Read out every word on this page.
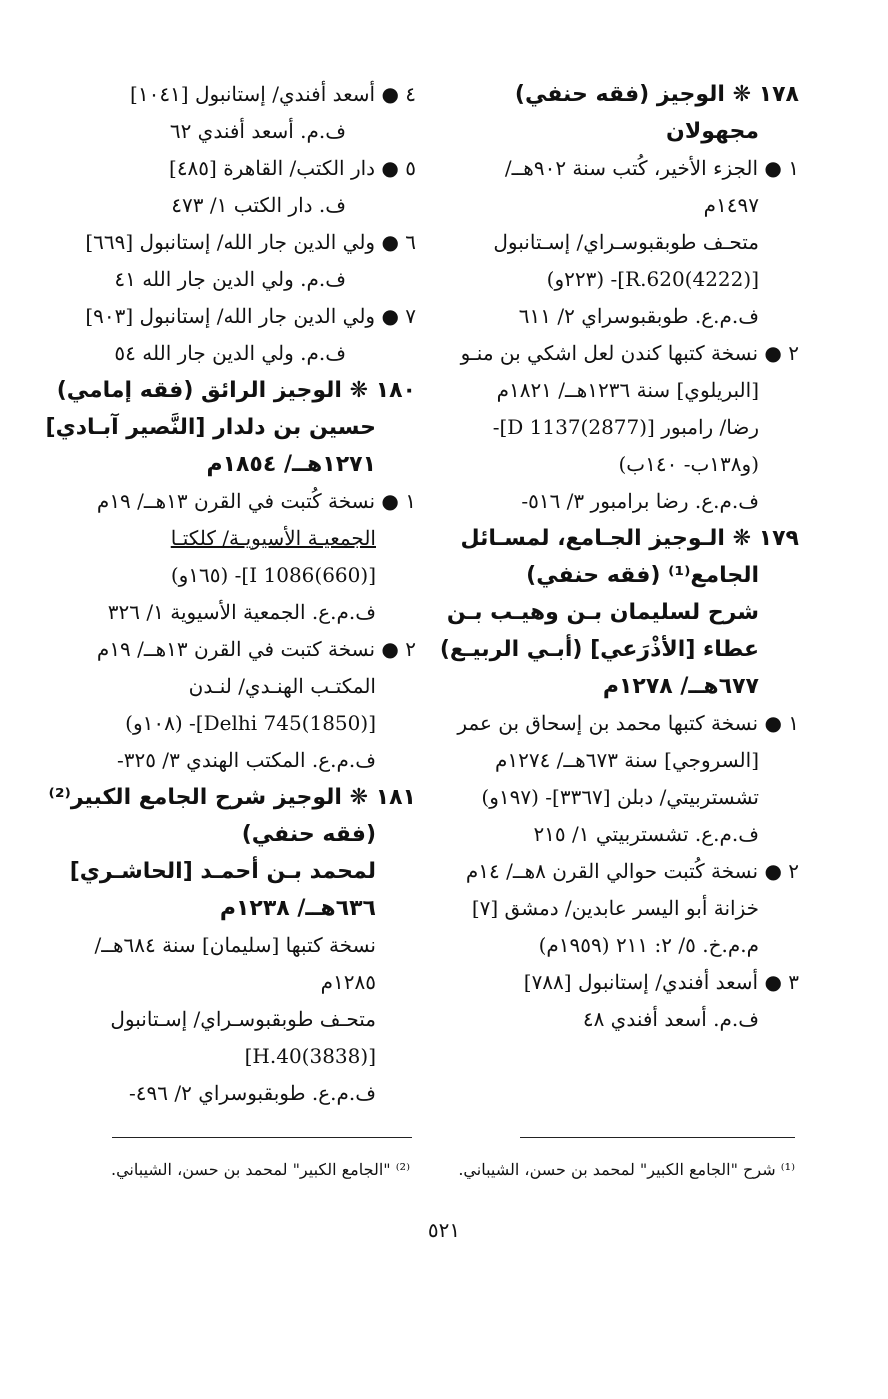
١٧٨ ❋ الوجيز (فقه حنفي)
مجهولان
١ ● الجزء الأخير، كُتب سنة ٩٠٢هــ/
١٤٩٧م
متحـف طوبقبوسـراي/ إسـتانبول
[R.620(4222)]- (٢٢٣و)
ف.م.ع. طوبقبوسراي ٢/ ٦١١
٢ ● نسخة كتبها كندن لعل اشكي بن منـو
[البريلوي] سنة ١٢٣٦هــ/ ١٨٢١م
رضا/ رامبور [D 1137(2877)]-
(و١٣٨ب- ١٤٠ب)
ف.م.ع. رضا برامبور ٣/ ٥١٦-
١٧٩ ❋ الـوجيز الجـامع، لمسـائل
الجامع⁽¹⁾ (فقه حنفي)
شرح لسليمان بـن وهيـب بـن
عطاء [الأذْرَعي] (أبـي الربيـع)
٦٧٧هــ/ ١٢٧٨م
١ ● نسخة كتبها محمد بن إسحاق بن عمر
[السروجي] سنة ٦٧٣هــ/ ١٢٧٤م
تشستربيتي/ دبلن [٣٣٦٧]- (١٩٧و)
ف.م.ع. تشستربيتي ١/ ٢١٥
٢ ● نسخة كُتبت حوالي القرن ٨هــ/ ١٤م
خزانة أبو اليسر عابدين/ دمشق [٧]
م.م.خ. ٥/ ٢: ٢١١ (١٩٥٩م)
٣ ● أسعد أفندي/ إستانبول [٧٨٨]
ف.م. أسعد أفندي ٤٨
٤ ● أسعد أفندي/ إستانبول [١٠٤١]
ف.م. أسعد أفندي ٦٢
٥ ● دار الكتب/ القاهرة [٤٨٥]
ف. دار الكتب ١/ ٤٧٣
٦ ● ولي الدين جار الله/ إستانبول [٦٦٩]
ف.م. ولي الدين جار الله ٤١
٧ ● ولي الدين جار الله/ إستانبول [٩٠٣]
ف.م. ولي الدين جار الله ٥٤
١٨٠ ❋ الوجيز الرائق (فقه إمامي)
حسين بن دلدار [النَّصير آبـادي]
١٢٧١هــ/ ١٨٥٤م
١ ● نسخة كُتبت في القرن ١٣هــ/ ١٩م
الجمعيـة الأسيويـة/ كلكتـا
[I 1086(660)]- (١٦٥و)
ف.م.ع. الجمعية الأسيوية ١/ ٣٢٦
٢ ● نسخة كتبت في القرن ١٣هــ/ ١٩م
المكتـب الهنـدي/ لنـدن
[Delhi 745(1850)]- (١٠٨و)
ف.م.ع. المكتب الهندي ٣/ ٣٢٥-
١٨١ ❋ الوجيز شرح الجامع الكبير⁽²⁾
(فقه حنفي)
لمحمد بـن أحمـد [الحاشـري]
٦٣٦هــ/ ١٢٣٨م
نسخة كتبها [سليمان] سنة ٦٨٤هــ/
١٢٨٥م
متحـف طوبقبوسـراي/ إسـتانبول
[H.40(3838)]
ف.م.ع. طوبقبوسراي ٢/ ٤٩٦-
⁽¹⁾ شرح "الجامع الكبير" لمحمد بن حسن، الشيباني.
⁽²⁾ "الجامع الكبير" لمحمد بن حسن، الشيباني.
٥٢١
